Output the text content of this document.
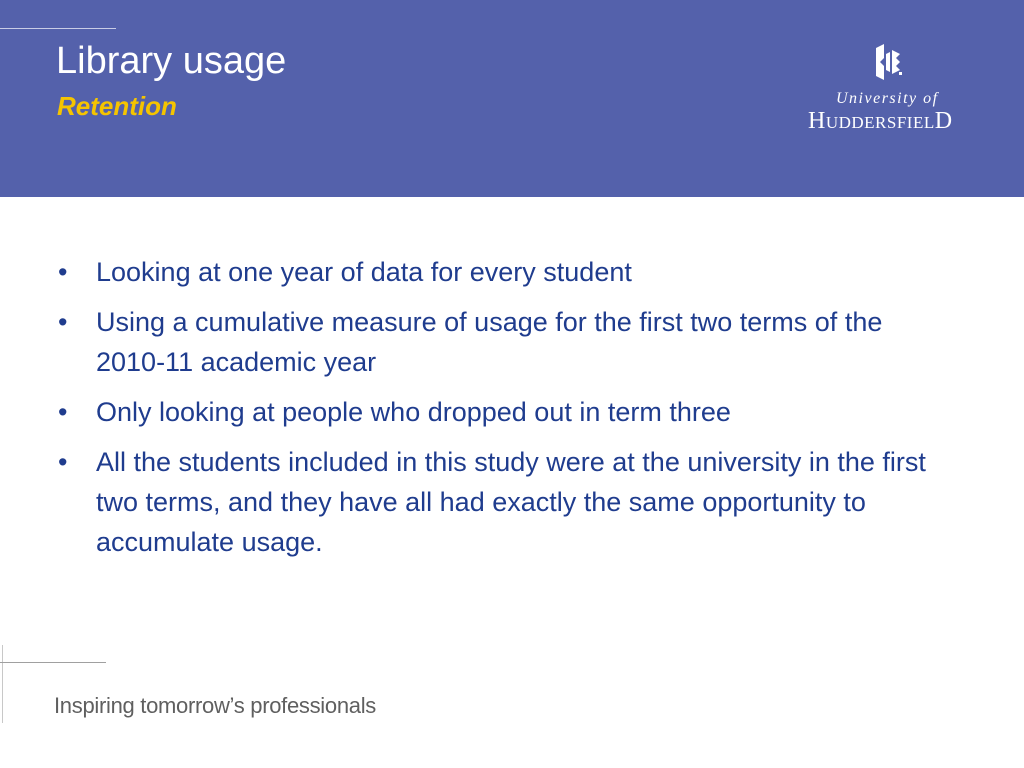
Library usage
Retention	University of
HUDDERSFIELD
• Looking at one year of data for every student
• Using a cumulative measure of usage for the first two terms of the 2010-11 academic year
• Only looking at people who dropped out in term three
• All the students included in this study were at the university in the first two terms, and they have all had exactly the same opportunity to accumulate usage.
Inspiring tomorrow’s professionals
